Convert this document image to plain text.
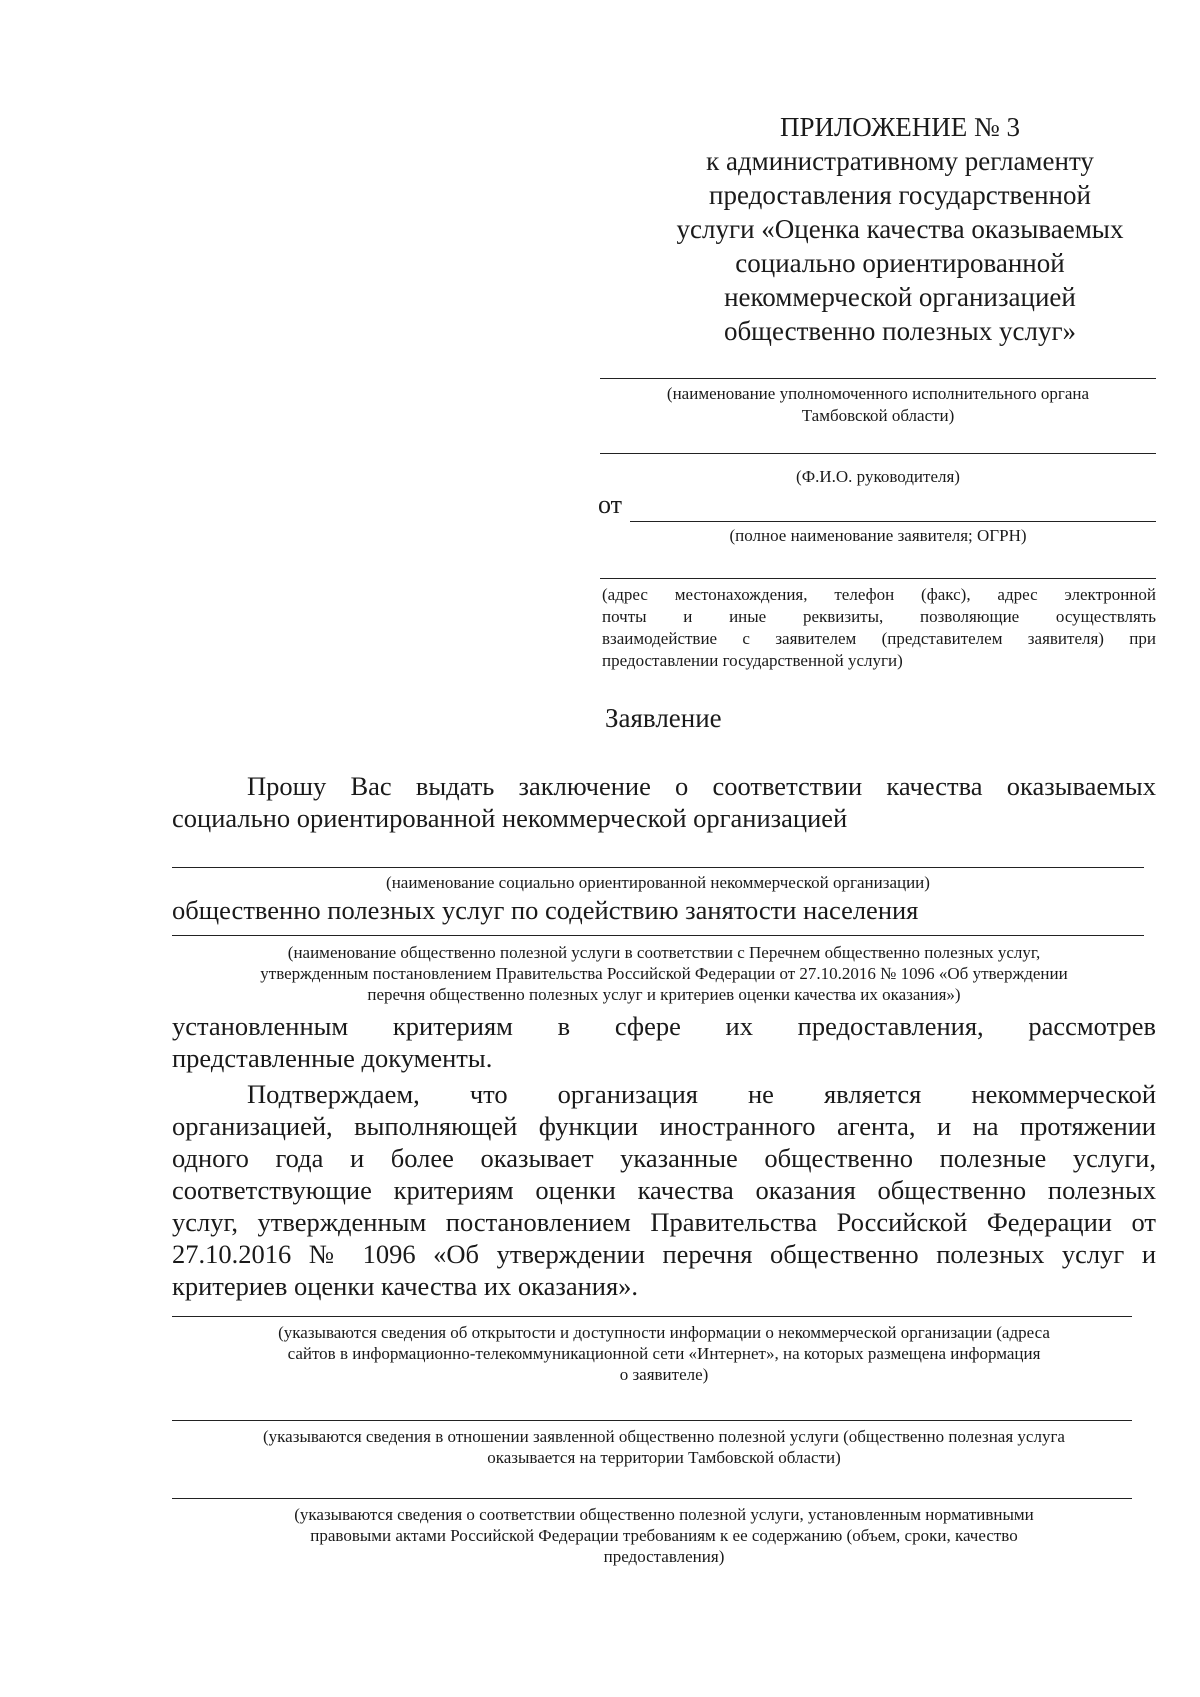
ПРИЛОЖЕНИЕ № 3
к административному регламенту
предоставления государственной
услуги «Оценка качества оказываемых
социально ориентированной
некоммерческой организацией
общественно полезных услуг»
(наименование уполномоченного исполнительного органа
Тамбовской области)
(Ф.И.О. руководителя)
от
(полное наименование заявителя; ОГРН)
(адрес местонахождения, телефон (факс), адрес электронной
почты и иные реквизиты, позволяющие осуществлять
взаимодействие с заявителем (представителем заявителя) при
предоставлении государственной услуги)
Заявление
Прошу Вас выдать заключение о соответствии качества оказываемых
социально ориентированной некоммерческой организацией
(наименование социально ориентированной некоммерческой организации)
общественно полезных услуг по содействию занятости населения
(наименование общественно полезной услуги в соответствии с Перечнем общественно полезных услуг,
утвержденным постановлением Правительства Российской Федерации от 27.10.2016 № 1096 «Об утверждении
перечня общественно полезных услуг и критериев оценки качества их оказания»)
установленным критериям в сфере их предоставления, рассмотрев
представленные документы.
Подтверждаем, что организация не является некоммерческой
организацией, выполняющей функции иностранного агента, и на протяжении
одного года и более оказывает указанные общественно полезные услуги,
соответствующие критериям оценки качества оказания общественно полезных
услуг, утвержденным постановлением Правительства Российской Федерации от
27.10.2016 № 1096 «Об утверждении перечня общественно полезных услуг и
критериев оценки качества их оказания».
(указываются сведения об открытости и доступности информации о некоммерческой организации (адреса
сайтов в информационно-телекоммуникационной сети «Интернет», на которых размещена информация
о заявителе)
(указываются сведения в отношении заявленной общественно полезной услуги (общественно полезная услуга
оказывается на территории Тамбовской области)
(указываются сведения о соответствии общественно полезной услуги, установленным нормативными
правовыми актами Российской Федерации требованиям к ее содержанию (объем, сроки, качество
предоставления)
